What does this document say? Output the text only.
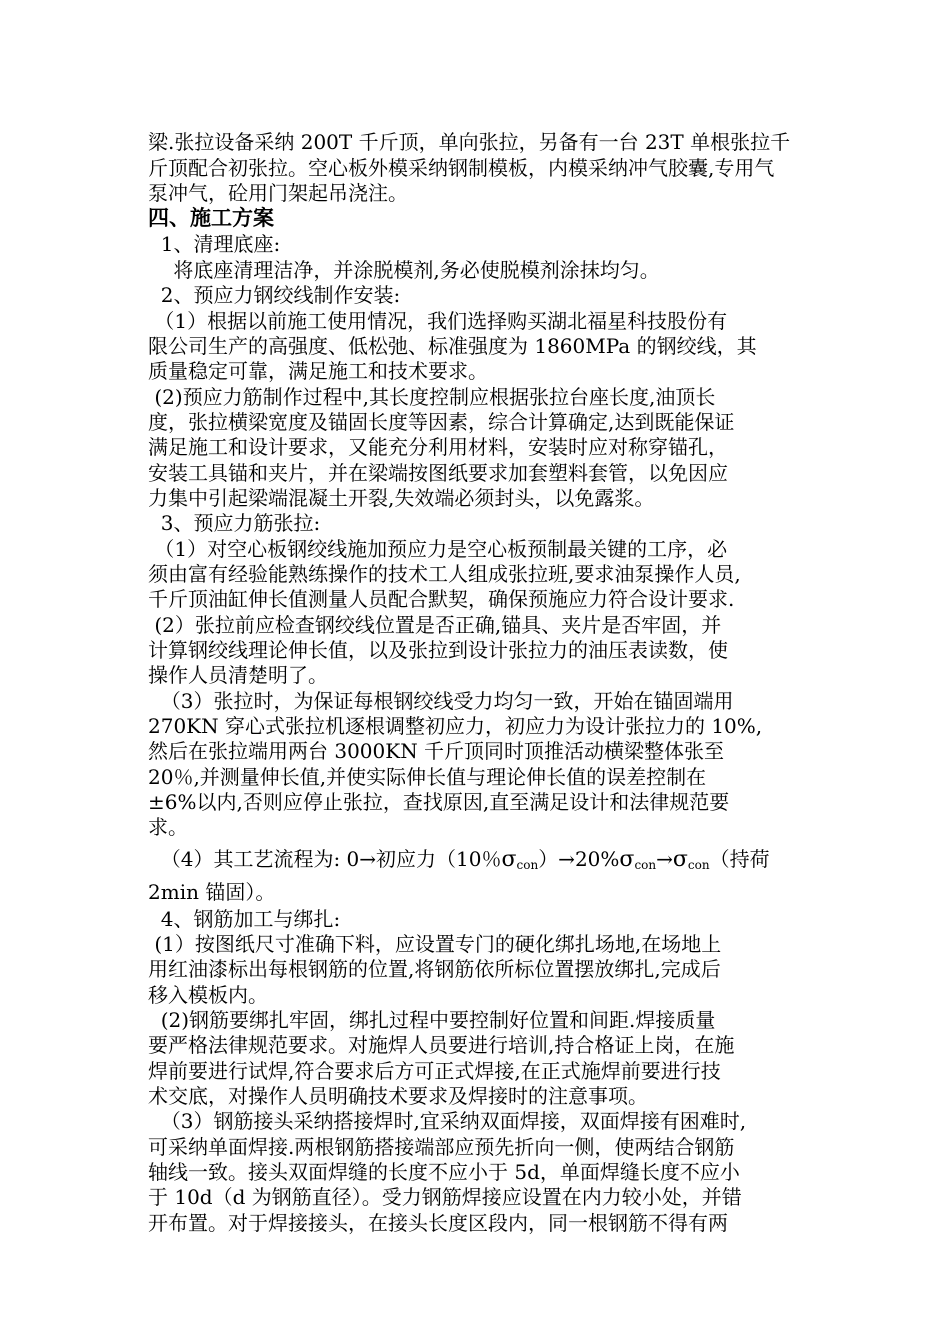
梁.张拉设备采纳 200T 千斤顶，单向张拉，另备有一台 23T 单根张拉千

斤顶配合初张拉。空心板外模采纳钢制模板，内模采纳冲气胶囊,专用气

泵冲气，砼用门架起吊浇注。

四、施工方案

1、清理底座:

将底座清理洁净，并涂脱模剂,务必使脱模剂涂抹均匀。

2、预应力钢绞线制作安装:

（1）根据以前施工使用情况，我们选择购买湖北福星科技股份有

限公司生产的高强度、低松弛、标准强度为 1860MPa 的钢绞线，其

质量稳定可靠，满足施工和技术要求。

(2)预应力筋制作过程中,其长度控制应根据张拉台座长度,油顶长

度，张拉横梁宽度及锚固长度等因素，综合计算确定,达到既能保证

满足施工和设计要求，又能充分利用材料，安装时应对称穿锚孔，

安装工具锚和夹片，并在梁端按图纸要求加套塑料套管，以免因应

力集中引起梁端混凝土开裂,失效端必须封头，以免露浆。

3、预应力筋张拉:

（1）对空心板钢绞线施加预应力是空心板预制最关键的工序，必

须由富有经验能熟练操作的技术工人组成张拉班,要求油泵操作人员,

千斤顶油缸伸长值测量人员配合默契，确保预施应力符合设计要求.

(2）张拉前应检查钢绞线位置是否正确,锚具、夹片是否牢固，并

计算钢绞线理论伸长值，以及张拉到设计张拉力的油压表读数，使

操作人员清楚明了。

（3）张拉时，为保证每根钢绞线受力均匀一致，开始在锚固端用

270KN 穿心式张拉机逐根调整初应力，初应力为设计张拉力的 10%,

然后在张拉端用两台 3000KN 千斤顶同时顶推活动横梁整体张至

20％,并测量伸长值,并使实际伸长值与理论伸长值的误差控制在

±6%以内,否则应停止张拉，查找原因,直至满足设计和法律规范要

求。

（4）其工艺流程为: 0→初应力（10％$\sigma_{con})\to 20\%\sigma_{con}\to\sigma_{con}$（持荷

2min 锚固）。

4、钢筋加工与绑扎:

(1）按图纸尺寸准确下料，应设置专门的硬化绑扎场地,在场地上

用红油漆标出每根钢筋的位置,将钢筋依所标位置摆放绑扎,完成后

移入模板内。

(2)钢筋要绑扎牢固，绑扎过程中要控制好位置和间距.焊接质量

要严格法律规范要求。对施焊人员要进行培训,持合格证上岗，在施

焊前要进行试焊,符合要求后方可正式焊接,在正式施焊前要进行技

术交底，对操作人员明确技术要求及焊接时的注意事项。

（3）钢筋接头采纳搭接焊时,宜采纳双面焊接，双面焊接有困难时,

可采纳单面焊接.两根钢筋搭接端部应预先折向一侧，使两结合钢筋

轴线一致。接头双面焊缝的长度不应小于 5d，单面焊缝长度不应小

于 10d（d 为钢筋直径）。受力钢筋焊接应设置在内力较小处，并错

开布置。对于焊接接头，在接头长度区段内，同一根钢筋不得有两
